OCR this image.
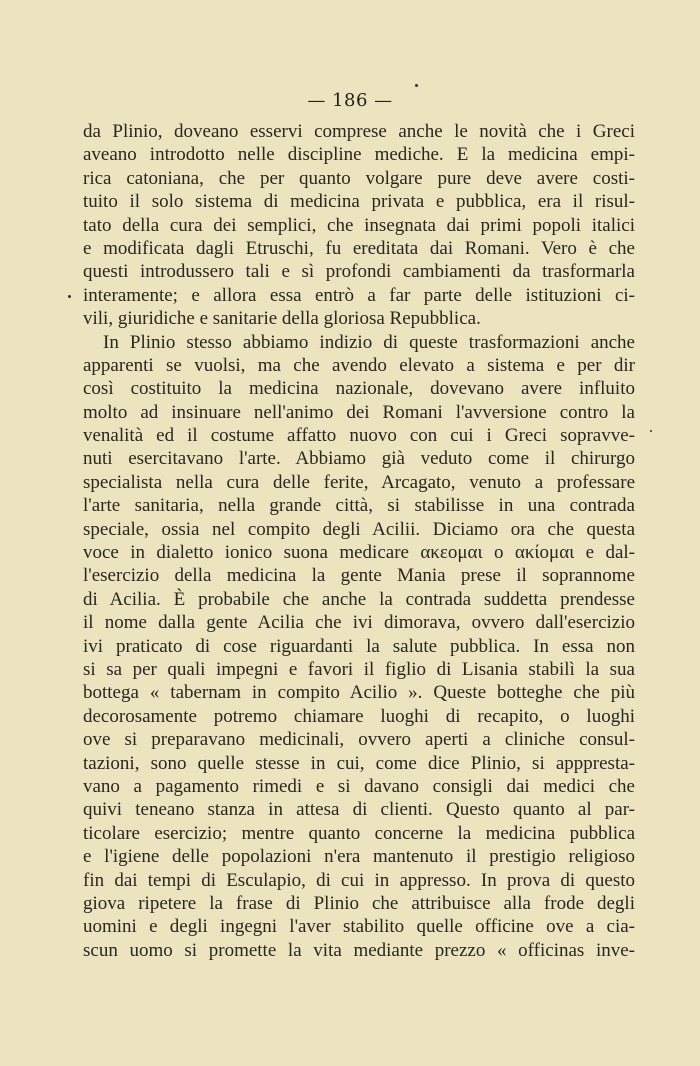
— 186 —
da Plinio, doveano esservi comprese anche le novità che i Greci
aveano introdotto nelle discipline mediche. E la medicina empi-
rica catoniana, che per quanto volgare pure deve avere costi-
tuito il solo sistema di medicina privata e pubblica, era il risul-
tato della cura dei semplici, che insegnata dai primi popoli italici
e modificata dagli Etruschi, fu ereditata dai Romani. Vero è che
questi introdussero tali e sì profondi cambiamenti da trasformarla
interamente; e allora essa entrò a far parte delle istituzioni ci-
vili, giuridiche e sanitarie della gloriosa Repubblica.
In Plinio stesso abbiamo indizio di queste trasformazioni anche
apparenti se vuolsi, ma che avendo elevato a sistema e per dir
così costituito la medicina nazionale, dovevano avere influito
molto ad insinuare nell'animo dei Romani l'avversione contro la
venalità ed il costume affatto nuovo con cui i Greci sopravve-
nuti esercitavano l'arte. Abbiamo già veduto come il chirurgo
specialista nella cura delle ferite, Arcagato, venuto a professare
l'arte sanitaria, nella grande città, si stabilisse in una contrada
speciale, ossia nel compito degli Acilii. Diciamo ora che questa
voce in dialetto ionico suona medicare ακεομαι o ακίομαι e dal-
l'esercizio della medicina la gente Mania prese il soprannome
di Acilia. È probabile che anche la contrada suddetta prendesse
il nome dalla gente Acilia che ivi dimorava, ovvero dall'esercizio
ivi praticato di cose riguardanti la salute pubblica. In essa non
si sa per quali impegni e favori il figlio di Lisania stabilì la sua
bottega « tabernam in compito Acilio ». Queste botteghe che più
decorosamente potremo chiamare luoghi di recapito, o luoghi
ove si preparavano medicinali, ovvero aperti a cliniche consul-
tazioni, sono quelle stesse in cui, come dice Plinio, si apppresta-
vano a pagamento rimedi e si davano consigli dai medici che
quivi teneano stanza in attesa di clienti. Questo quanto al par-
ticolare esercizio; mentre quanto concerne la medicina pubblica
e l'igiene delle popolazioni n'era mantenuto il prestigio religioso
fin dai tempi di Esculapio, di cui in appresso. In prova di questo
giova ripetere la frase di Plinio che attribuisce alla frode degli
uomini e degli ingegni l'aver stabilito quelle officine ove a cia-
scun uomo si promette la vita mediante prezzo « officinas inve-
